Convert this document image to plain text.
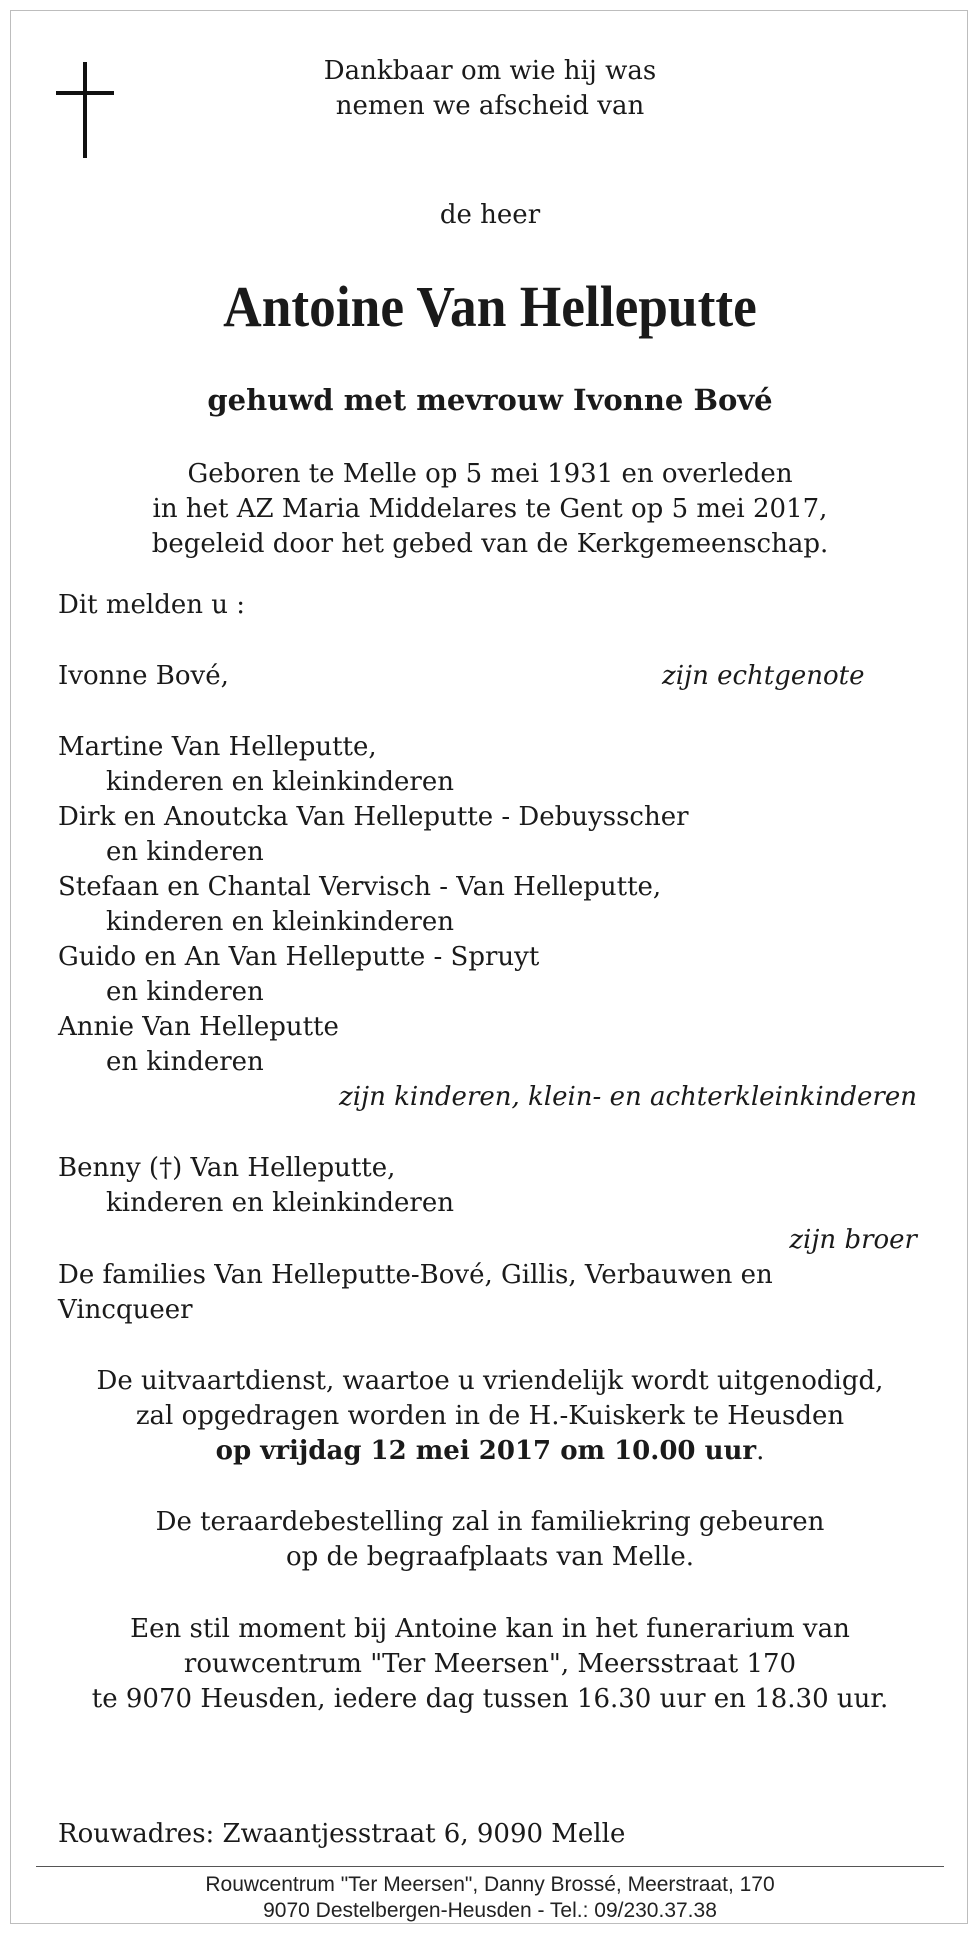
Dankbaar om wie hij was

nemen we afscheid van

de heer

Antoine Van Helleputte

gehuwd met mevrouw Ivonne Bové

Geboren te Melle op 5 mei 1931 en overleden

in het AZ Maria Middelares te Gent op 5 mei 2017,

begeleid door het gebed van de Kerkgemeenschap.

Dit melden u :

Ivonne Bové,	zijn echtgenote

Martine Van Helleputte,

kinderen en kleinkinderen

Dirk en Anoutcka Van Helleputte - Debuysscher

en kinderen

Stefaan en Chantal Vervisch - Van Helleputte,

kinderen en kleinkinderen

Guido en An Van Helleputte - Spruyt

en kinderen

Annie Van Helleputte

en kinderen

zijn kinderen, klein- en achterkleinkinderen

Benny (†) Van Helleputte,

kinderen en kleinkinderen

zijn broer

De families Van Helleputte-Bové, Gillis, Verbauwen en

Vincqueer

De uitvaartdienst, waartoe u vriendelijk wordt uitgenodigd,

zal opgedragen worden in de H.-Kuiskerk te Heusden

op vrijdag 12 mei 2017 om 10.00 uur.

De teraardebestelling zal in familiekring gebeuren

op de begraafplaats van Melle.

Een stil moment bij Antoine kan in het funerarium van

rouwcentrum "Ter Meersen", Meersstraat 170

te 9070 Heusden, iedere dag tussen 16.30 uur en 18.30 uur.

Rouwadres: Zwaantjesstraat 6, 9090 Melle

Rouwcentrum "Ter Meersen", Danny Brossé, Meerstraat, 170
9070 Destelbergen-Heusden - Tel.: 09/230.37.38
